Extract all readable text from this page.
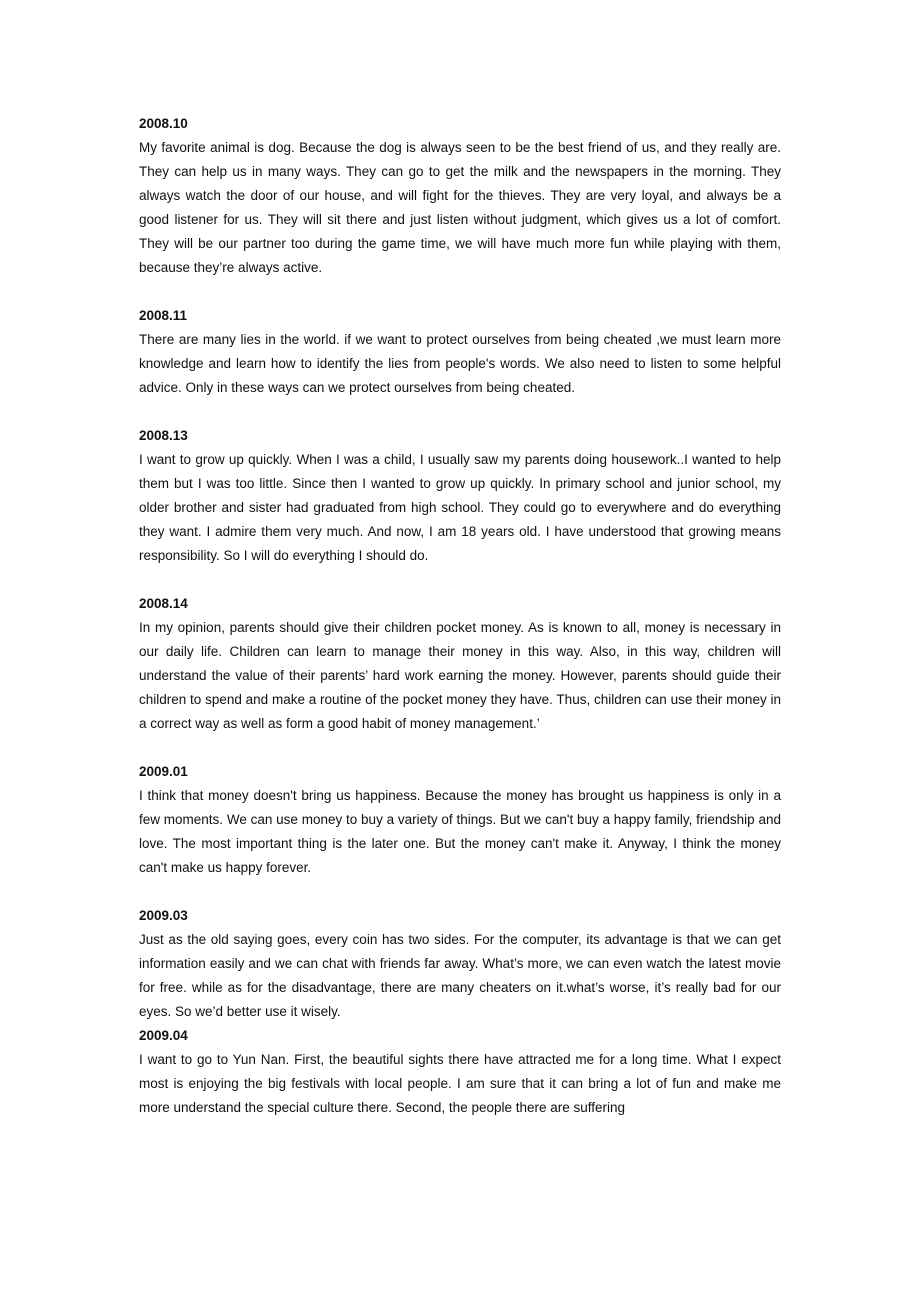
2008.10

My favorite animal is dog. Because the dog is always seen to be the best friend of us, and they really are. They can help us in many ways. They can go to get the milk and the newspapers in the morning. They always watch the door of our house, and will fight for the thieves. They are very loyal, and always be a good listener for us. They will sit there and just listen without judgment, which gives us a lot of comfort. They will be our partner too during the game time, we will have much more fun while playing with them, because they’re always active.

2008.11

There are many lies in the world. if we want to protect ourselves from being cheated ,we must learn more knowledge and learn how to identify the lies from people's words. We also need to listen to some helpful advice. Only in these ways can we protect ourselves from being cheated.

2008.13

I want to grow up quickly. When I was a child, I usually saw my parents doing housework..I wanted to help them but I was too little. Since then I wanted to grow up quickly. In primary school and junior school, my older brother and sister had graduated from high school. They could go to everywhere and do everything they want. I admire them very much. And now, I am 18 years old. I have understood that growing means responsibility. So I will do everything I should do.

2008.14

In my opinion, parents should give their children pocket money. As is known to all, money is necessary in our daily life. Children can learn to manage their money in this way. Also, in this way, children will understand the value of their parents’ hard work earning the money. However, parents should guide their children to spend and make a routine of the pocket money they have. Thus, children can use their money in a correct way as well as form a good habit of money management.’

2009.01

I think that money doesn't bring us happiness. Because the money has brought us happiness is only in a few moments. We can use money to buy a variety of things. But we can't buy a happy family, friendship and love. The most important thing is the later one. But the money can't make it. Anyway, I think the money can't make us happy forever.

2009.03

Just as the old saying goes, every coin has two sides. For the computer, its advantage is that we can get information easily and we can chat with friends far away. What’s more, we can even watch the latest movie for free. while as for the disadvantage, there are many cheaters on it.what’s worse, it’s really bad for our eyes. So we’d better use it wisely.

2009.04

I want to go to Yun Nan. First, the beautiful sights there have attracted me for a long time. What I expect most is enjoying the big festivals with local people. I am sure that it can bring a lot of fun and make me more understand the special culture there. Second, the people there are suffering
